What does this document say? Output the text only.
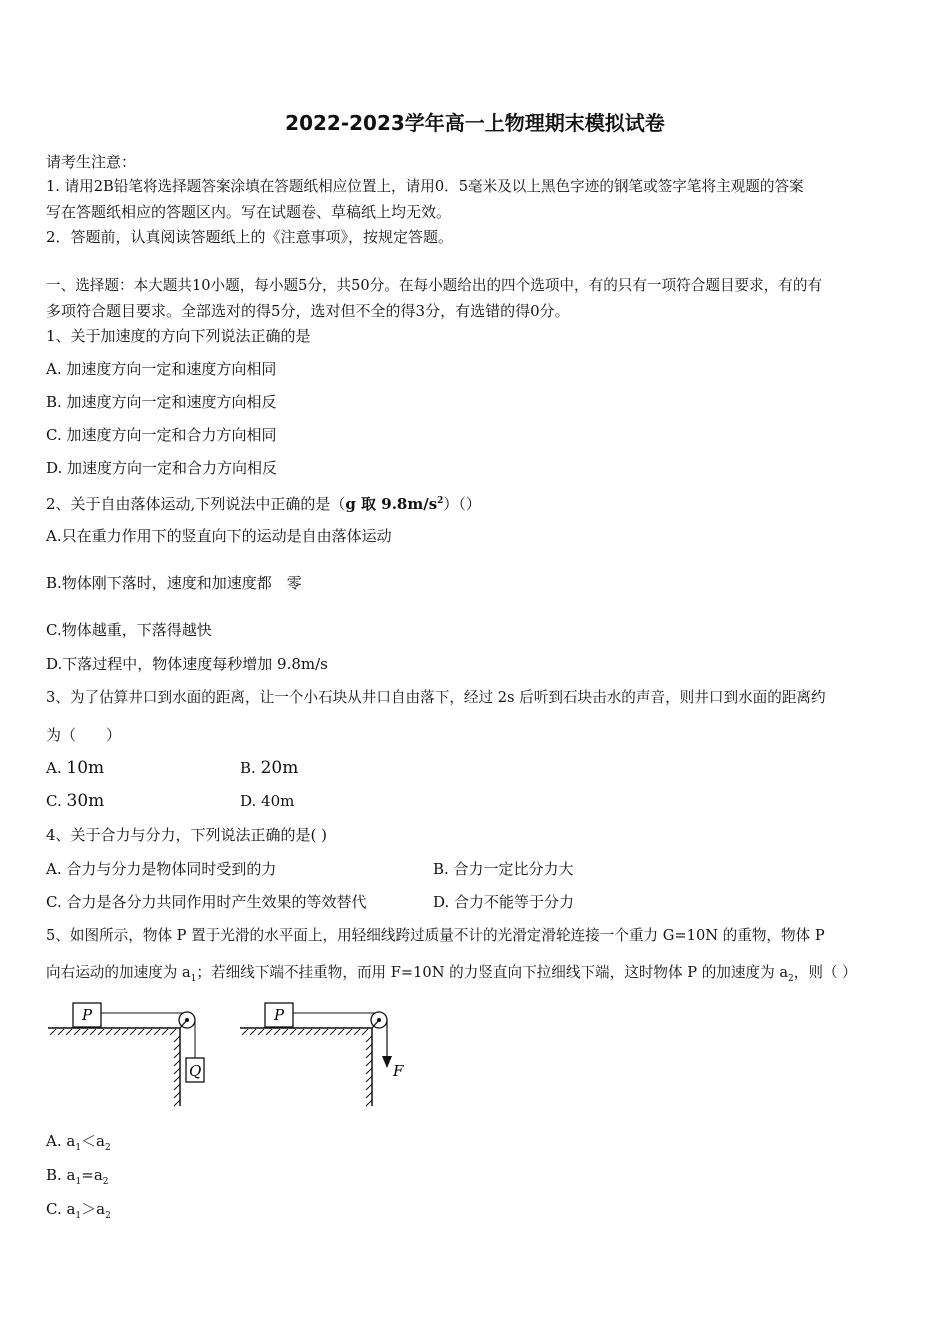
2022-2023学年高一上物理期末模拟试卷
请考生注意：
1. 请用2B铅笔将选择题答案涂填在答题纸相应位置上，请用0．5毫米及以上黑色字迹的钢笔或签字笔将主观题的答案
写在答题纸相应的答题区内。写在试题卷、草稿纸上均无效。
2．答题前，认真阅读答题纸上的《注意事项》，按规定答题。
一、选择题：本大题共10小题，每小题5分，共50分。在每小题给出的四个选项中，有的只有一项符合题目要求，有的有
多项符合题目要求。全部选对的得5分，选对但不全的得3分，有选错的得0分。
1、关于加速度的方向下列说法正确的是
A. 加速度方向一定和速度方向相同
B. 加速度方向一定和速度方向相反
C. 加速度方向一定和合力方向相同
D. 加速度方向一定和合力方向相反
2、关于自由落体运动,下列说法中正确的是（g 取 $9.8m/s^2)()$
A.只在重力作用下的竖直向下的运动是自由落体运动
B.物体刚下落时，速度和加速度都　零
C.物体越重，下落得越快
D.下落过程中，物体速度每秒增加 9.8m/s
3、为了估算井口到水面的距离，让一个小石块从井口自由落下，经过 2s 后听到石块击水的声音，则井口到水面的距离约
为（　　）
A. 10m	B. 20m
C. 30m	D. 40m
4、关于合力与分力，下列说法正确的是( )
A. 合力与分力是物体同时受到的力	B. 合力一定比分力大
C. 合力是各分力共同作用时产生效果的等效替代	D. 合力不能等于分力
5、如图所示，物体 P 置于光滑的水平面上，用轻细线跨过质量不计的光滑定滑轮连接一个重力 G=10N 的重物，物体 P
向右运动的加速度为 $a_1$；若细线下端不挂重物，而用 F=10N 的力竖直向下拉细线下端，这时物体 P 的加速度为 $a_2$，则（ ）
P
Q
P
F
A. $a_1<a_2$
B. $a_1=a_2$
C. $a_1>a_2$
